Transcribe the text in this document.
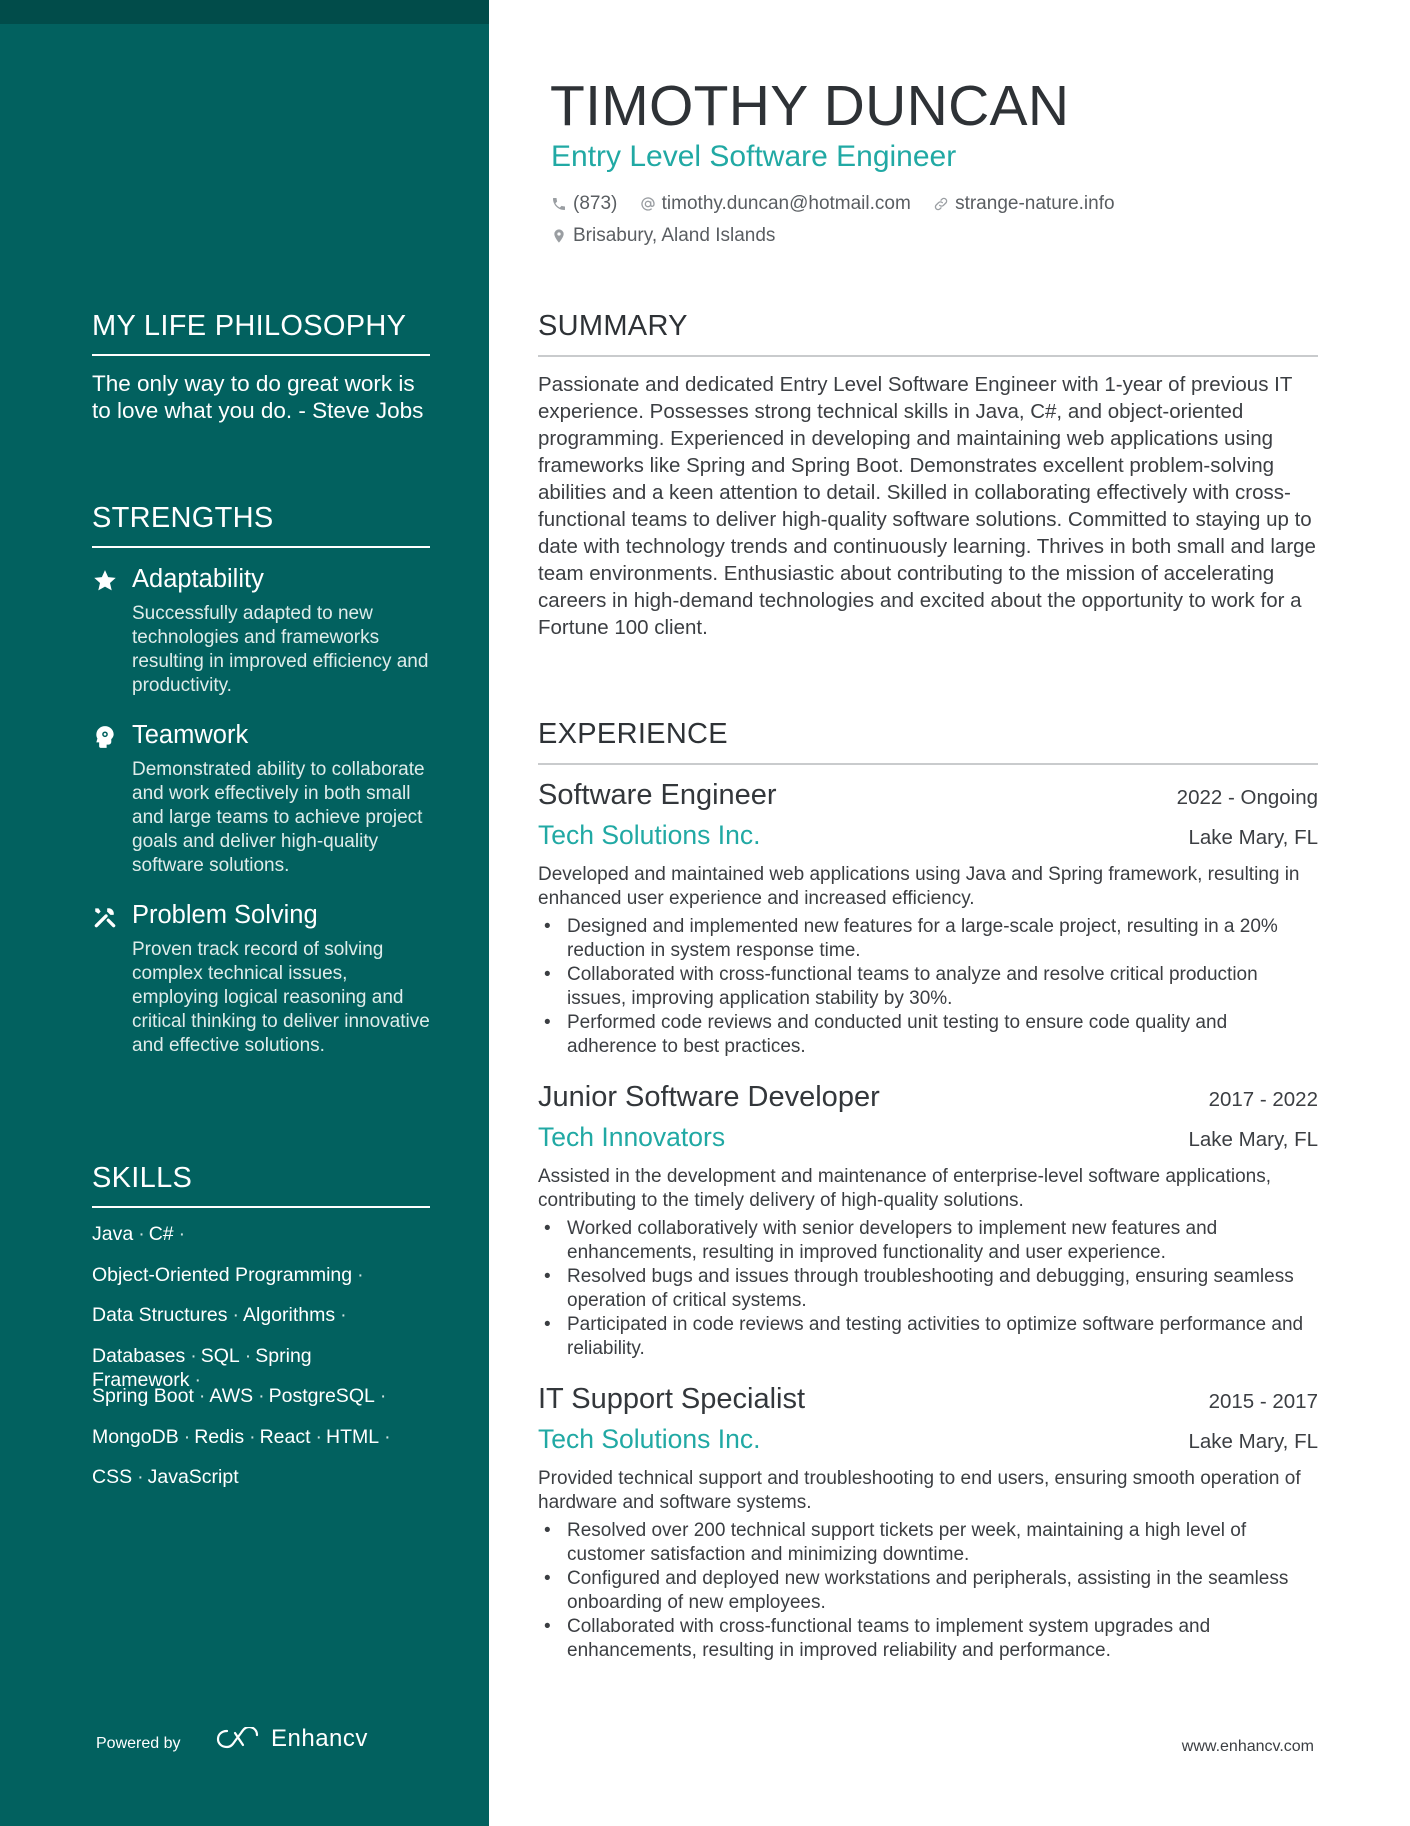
MY LIFE PHILOSOPHY
The only way to do great work is to love what you do. - Steve Jobs
STRENGTHS
Adaptability
Successfully adapted to new technologies and frameworks resulting in improved efficiency and productivity.
Teamwork
Demonstrated ability to collaborate and work effectively in both small and large teams to achieve project goals and deliver high-quality software solutions.
Problem Solving
Proven track record of solving complex technical issues, employing logical reasoning and critical thinking to deliver innovative and effective solutions.
SKILLS
Java · C# ·
Object-Oriented Programming ·
Data Structures · Algorithms ·
Databases · SQL · Spring Framework ·
Spring Boot · AWS · PostgreSQL ·
MongoDB · Redis · React · HTML ·
CSS · JavaScript
Powered by	Enhancv
TIMOTHY DUNCAN
Entry Level Software Engineer
(873)
timothy.duncan@hotmail.com
strange-nature.info
Brisabury, Aland Islands
SUMMARY
Passionate and dedicated Entry Level Software Engineer with 1-year of previous IT experience. Possesses strong technical skills in Java, C#, and object-oriented programming. Experienced in developing and maintaining web applications using frameworks like Spring and Spring Boot. Demonstrates excellent problem-solving abilities and a keen attention to detail. Skilled in collaborating effectively with cross-functional teams to deliver high-quality software solutions. Committed to staying up to date with technology trends and continuously learning. Thrives in both small and large team environments. Enthusiastic about contributing to the mission of accelerating careers in high-demand technologies and excited about the opportunity to work for a Fortune 100 client.
EXPERIENCE
Software Engineer	2022 - Ongoing
Tech Solutions Inc.	Lake Mary, FL
Developed and maintained web applications using Java and Spring framework, resulting in enhanced user experience and increased efficiency.
• Designed and implemented new features for a large-scale project, resulting in a 20% reduction in system response time.
• Collaborated with cross-functional teams to analyze and resolve critical production issues, improving application stability by 30%.
• Performed code reviews and conducted unit testing to ensure code quality and adherence to best practices.
Junior Software Developer	2017 - 2022
Tech Innovators	Lake Mary, FL
Assisted in the development and maintenance of enterprise-level software applications, contributing to the timely delivery of high-quality solutions.
• Worked collaboratively with senior developers to implement new features and enhancements, resulting in improved functionality and user experience.
• Resolved bugs and issues through troubleshooting and debugging, ensuring seamless operation of critical systems.
• Participated in code reviews and testing activities to optimize software performance and reliability.
IT Support Specialist	2015 - 2017
Tech Solutions Inc.	Lake Mary, FL
Provided technical support and troubleshooting to end users, ensuring smooth operation of hardware and software systems.
• Resolved over 200 technical support tickets per week, maintaining a high level of customer satisfaction and minimizing downtime.
• Configured and deployed new workstations and peripherals, assisting in the seamless onboarding of new employees.
• Collaborated with cross-functional teams to implement system upgrades and enhancements, resulting in improved reliability and performance.
www.enhancv.com
